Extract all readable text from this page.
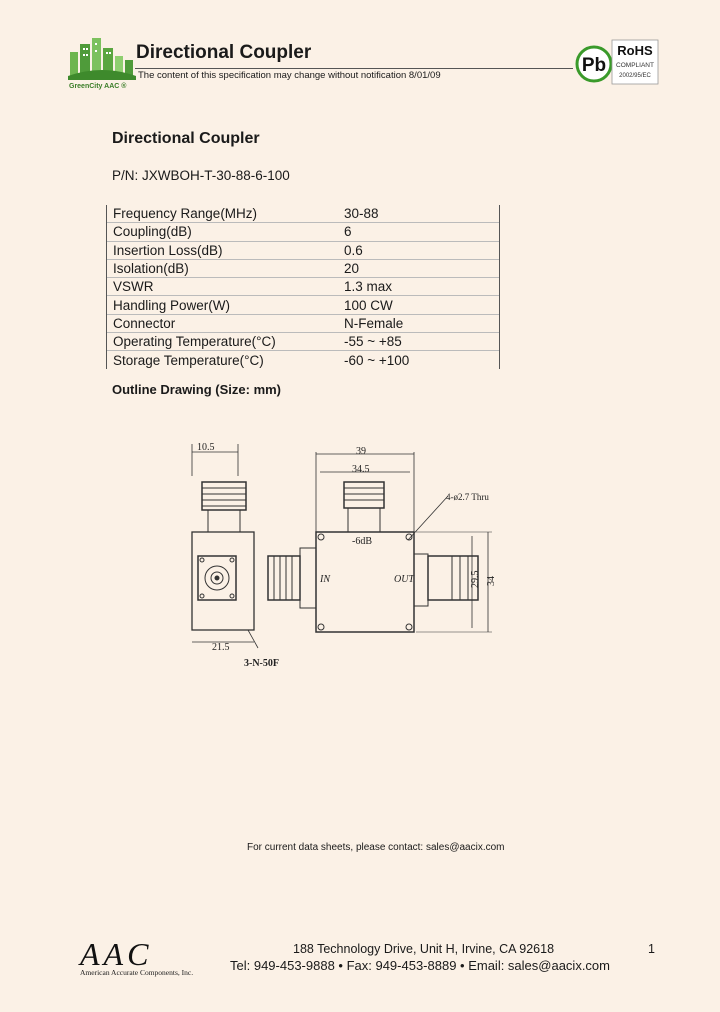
GreenCity AAC ®
Directional Coupler
The content of this specification may change without notification 8/01/09	Pb
RoHS
COMPLIANT
2002/95/EC
Directional Coupler
P/N: JXWBOH-T-30-88-6-100
Frequency Range(MHz)	30-88
Coupling(dB)	6
Insertion Loss(dB)	0.6
Isolation(dB)	20
VSWR	1.3 max
Handling Power(W)	100 CW
Connector	N-Female
Operating Temperature(°C)	-55 ~ +85
Storage Temperature(°C)	-60 ~ +100
Outline Drawing (Size: mm)
10.5
21.5
3-N-50F
39
34.5
-6dB
IN	OUT
4-ø2.7 Thru
29.5 34
For current data sheets, please contact: sales@aacix.com
AAC
American Accurate Components, Inc.
188 Technology Drive, Unit H, Irvine, CA 92618
Tel: 949-453-9888 • Fax: 949-453-8889 • Email: sales@aacix.com
1
